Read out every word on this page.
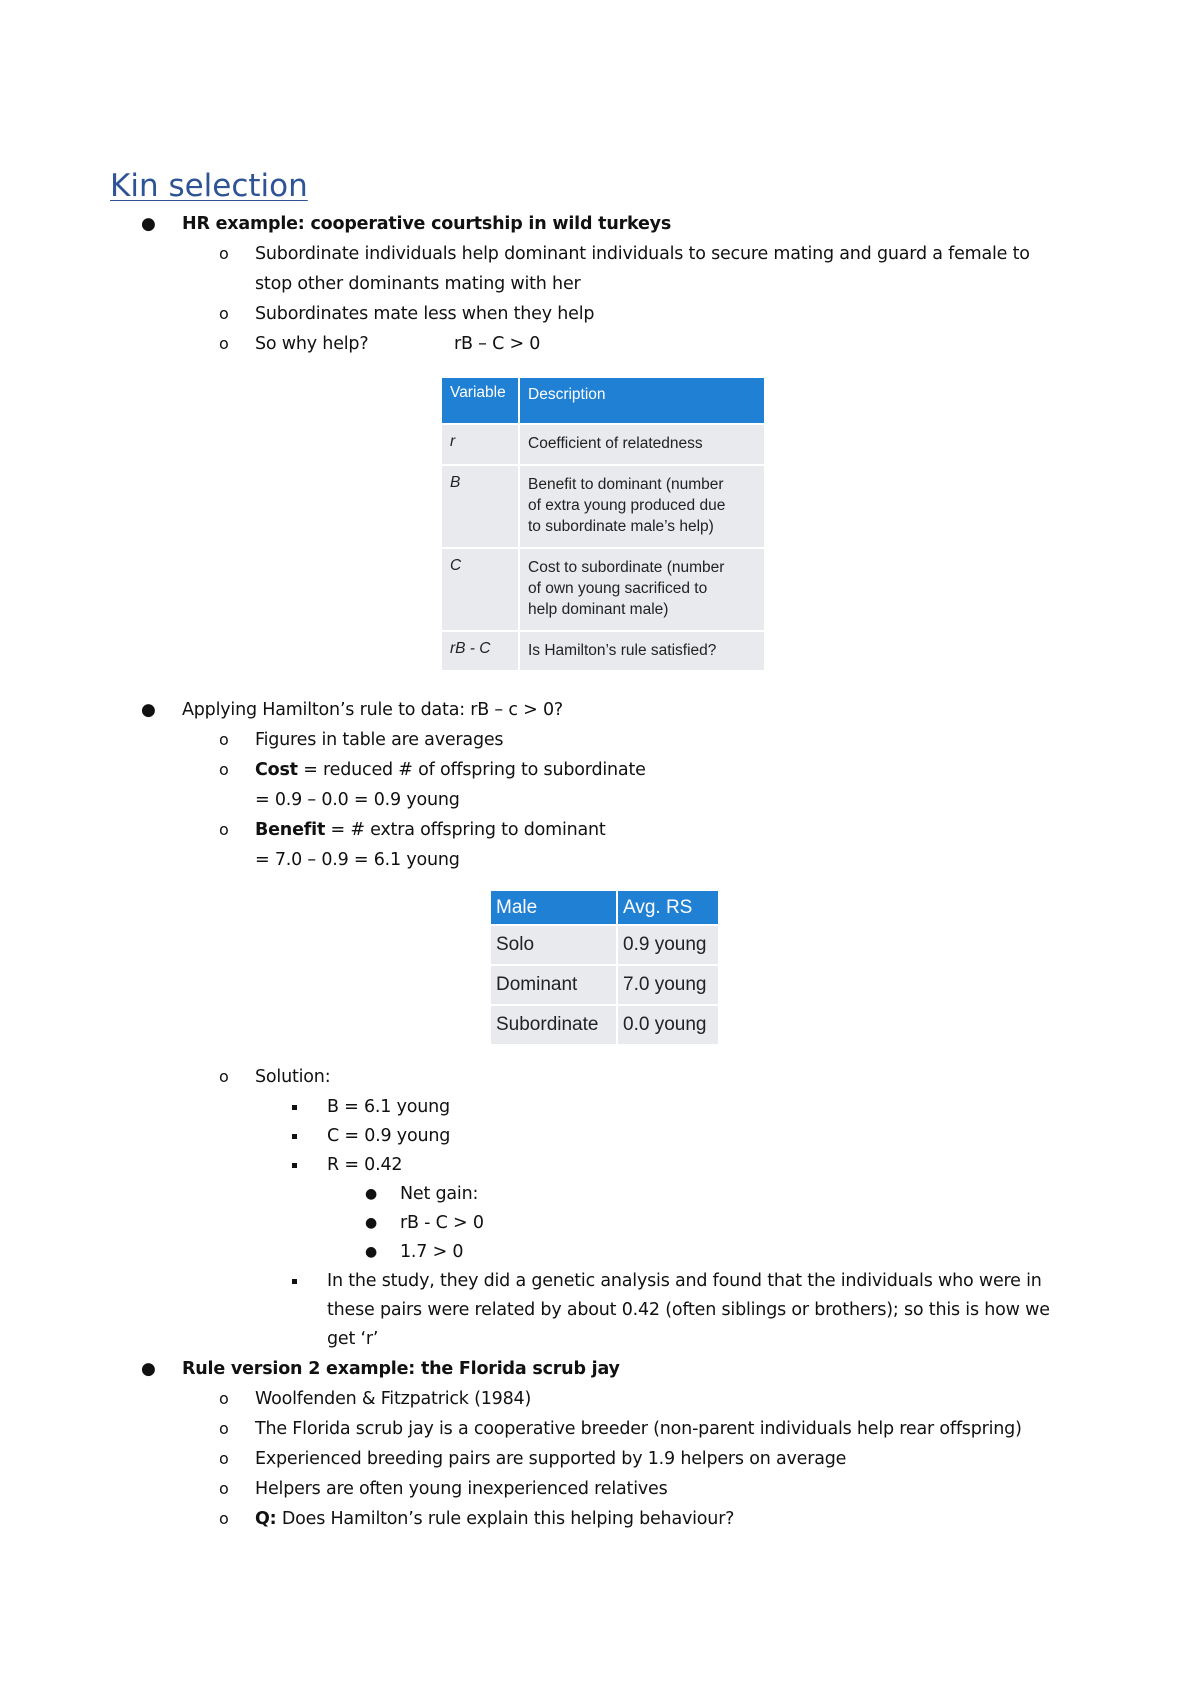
Kin selection
● HR example: cooperative courtship in wild turkeys
o Subordinate individuals help dominant individuals to secure mating and guard a female to
stop other dominants mating with her
o Subordinates mate less when they help
o So why help?	rB – C > 0
Variable	Description
r	Coefficient of relatedness
B	Benefit to dominant (number
of extra young produced due
to subordinate male’s help)

C	Cost to subordinate (number
of own young sacrificed to
help dominant male)

rB - C	Is Hamilton’s rule satisfied?
● Applying Hamilton’s rule to data: rB – c > 0?
o Figures in table are averages
o Cost = reduced # of offspring to subordinate
= 0.9 – 0.0 = 0.9 young
o Benefit = # extra offspring to dominant
= 7.0 – 0.9 = 6.1 young
Male	Avg. RS
Solo	0.9 young
Dominant	7.0 young
Subordinate	0.0 young
o Solution:
B = 6.1 young
C = 0.9 young
R = 0.42
● Net gain:
● rB - C > 0
● 1.7 > 0
In the study, they did a genetic analysis and found that the individuals who were in
these pairs were related by about 0.42 (often siblings or brothers); so this is how we
get ‘r’
● Rule version 2 example: the Florida scrub jay
o Woolfenden & Fitzpatrick (1984)
o The Florida scrub jay is a cooperative breeder (non-parent individuals help rear offspring)
o Experienced breeding pairs are supported by 1.9 helpers on average
o Helpers are often young inexperienced relatives
o Q: Does Hamilton’s rule explain this helping behaviour?
